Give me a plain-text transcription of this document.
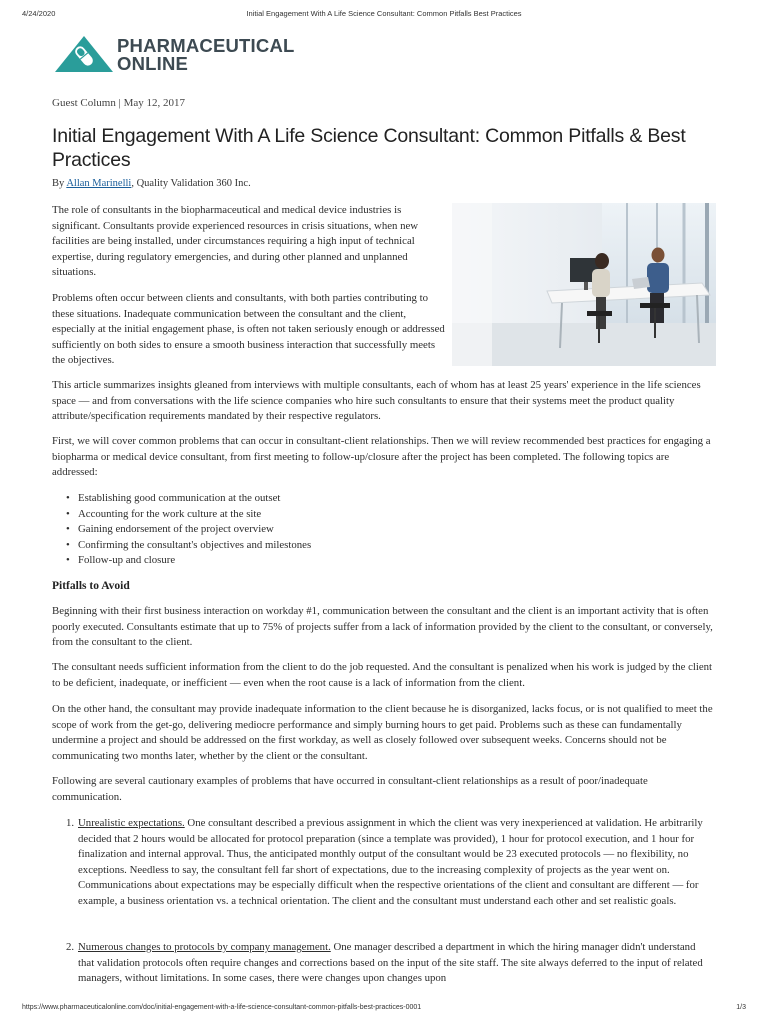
4/24/2020	Initial Engagement With A Life Science Consultant: Common Pitfalls Best Practices
PHARMACEUTICAL
ONLINE
Guest Column | May 12, 2017
Initial Engagement With A Life Science Consultant: Common Pitfalls & Best Practices
By Allan Marinelli, Quality Validation 360 Inc.
The role of consultants in the biopharmaceutical and medical device industries is significant. Consultants provide experienced resources in crisis situations, when new facilities are being installed, under circumstances requiring a high input of technical expertise, during regulatory emergencies, and during other planned and unplanned situations.
Problems often occur between clients and consultants, with both parties contributing to these situations. Inadequate communication between the consultant and the client, especially at the initial engagement phase, is often not taken seriously enough or addressed sufficiently on both sides to ensure a smooth business interaction that successfully meets the objectives.
This article summarizes insights gleaned from interviews with multiple consultants, each of whom has at least 25 years' experience in the life sciences space — and from conversations with the life science companies who hire such consultants to ensure that their systems meet the product quality attribute/specification requirements mandated by their respective regulators.
First, we will cover common problems that can occur in consultant-client relationships. Then we will review recommended best practices for engaging a biopharma or medical device consultant, from first meeting to follow-up/closure after the project has been completed. The following topics are addressed:
• Establishing good communication at the outset
• Accounting for the work culture at the site
• Gaining endorsement of the project overview
• Confirming the consultant's objectives and milestones
• Follow-up and closure
Pitfalls to Avoid
Beginning with their first business interaction on workday #1, communication between the consultant and the client is an important activity that is often poorly executed. Consultants estimate that up to 75% of projects suffer from a lack of information provided by the client to the consultant, or conversely, from the consultant to the client.
The consultant needs sufficient information from the client to do the job requested. And the consultant is penalized when his work is judged by the client to be deficient, inadequate, or inefficient — even when the root cause is a lack of information from the client.
On the other hand, the consultant may provide inadequate information to the client because he is disorganized, lacks focus, or is not qualified to meet the scope of work from the get-go, delivering mediocre performance and simply burning hours to get paid. Problems such as these can fundamentally undermine a project and should be addressed on the first workday, as well as closely followed over subsequent weeks. Concerns should not be communicating two months later, whether by the client or the consultant.
Following are several cautionary examples of problems that have occurred in consultant-client relationships as a result of poor/inadequate communication.
1. Unrealistic expectations. One consultant described a previous assignment in which the client was very inexperienced at validation. He arbitrarily decided that 2 hours would be allocated for protocol preparation (since a template was provided), 1 hour for protocol execution, and 1 hour for finalization and internal approval. Thus, the anticipated monthly output of the consultant would be 23 executed protocols — no flexibility, no exceptions. Needless to say, the consultant fell far short of expectations, due to the increasing complexity of projects as the year went on. Communications about expectations may be especially difficult when the respective orientations of the client and consultant are different — for example, a business orientation vs. a technical orientation. The client and the consultant must understand each other and set realistic goals.
2. Numerous changes to protocols by company management. One manager described a department in which the hiring manager didn't understand that validation protocols often require changes and corrections based on the input of the site staff. The site always deferred to the input of related managers, without limitations. In some cases, there were changes upon changes upon
https://www.pharmaceuticalonline.com/doc/initial-engagement-with-a-life-science-consultant-common-pitfalls-best-practices-0001	1/3
